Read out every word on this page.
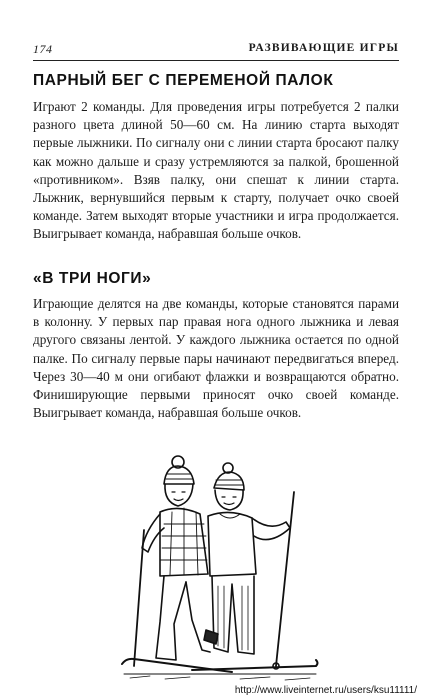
174	РАЗВИВАЮЩИЕ ИГРЫ
ПАРНЫЙ БЕГ С ПЕРЕМЕНОЙ ПАЛОК

Играют 2 команды. Для проведения игры потребуется 2 палки разного цвета длиной 50—60 см. На линию старта выходят первые лыжники. По сигналу они с линии старта бросают палку как можно дальше и сразу устремляются за палкой, брошенной «противником». Взяв палку, они спешат к линии старта. Лыжник, вернувшийся первым к старту, получает очко своей команде. Затем выходят вторые участники и игра продолжается. Выигрывает команда, набравшая больше очков.

«В ТРИ НОГИ»

Играющие делятся на две команды, которые становятся парами в колонну. У первых пар правая нога одного лыжника и левая другого связаны лентой. У каждого лыжника остается по одной палке. По сигналу первые пары начинают передвигаться вперед. Через 30—40 м они огибают флажки и возвращаются обратно. Финиширующие первыми приносят очко своей команде. Выигрывает команда, набравшая больше очков.

http://www.liveinternet.ru/users/ksu11111/
